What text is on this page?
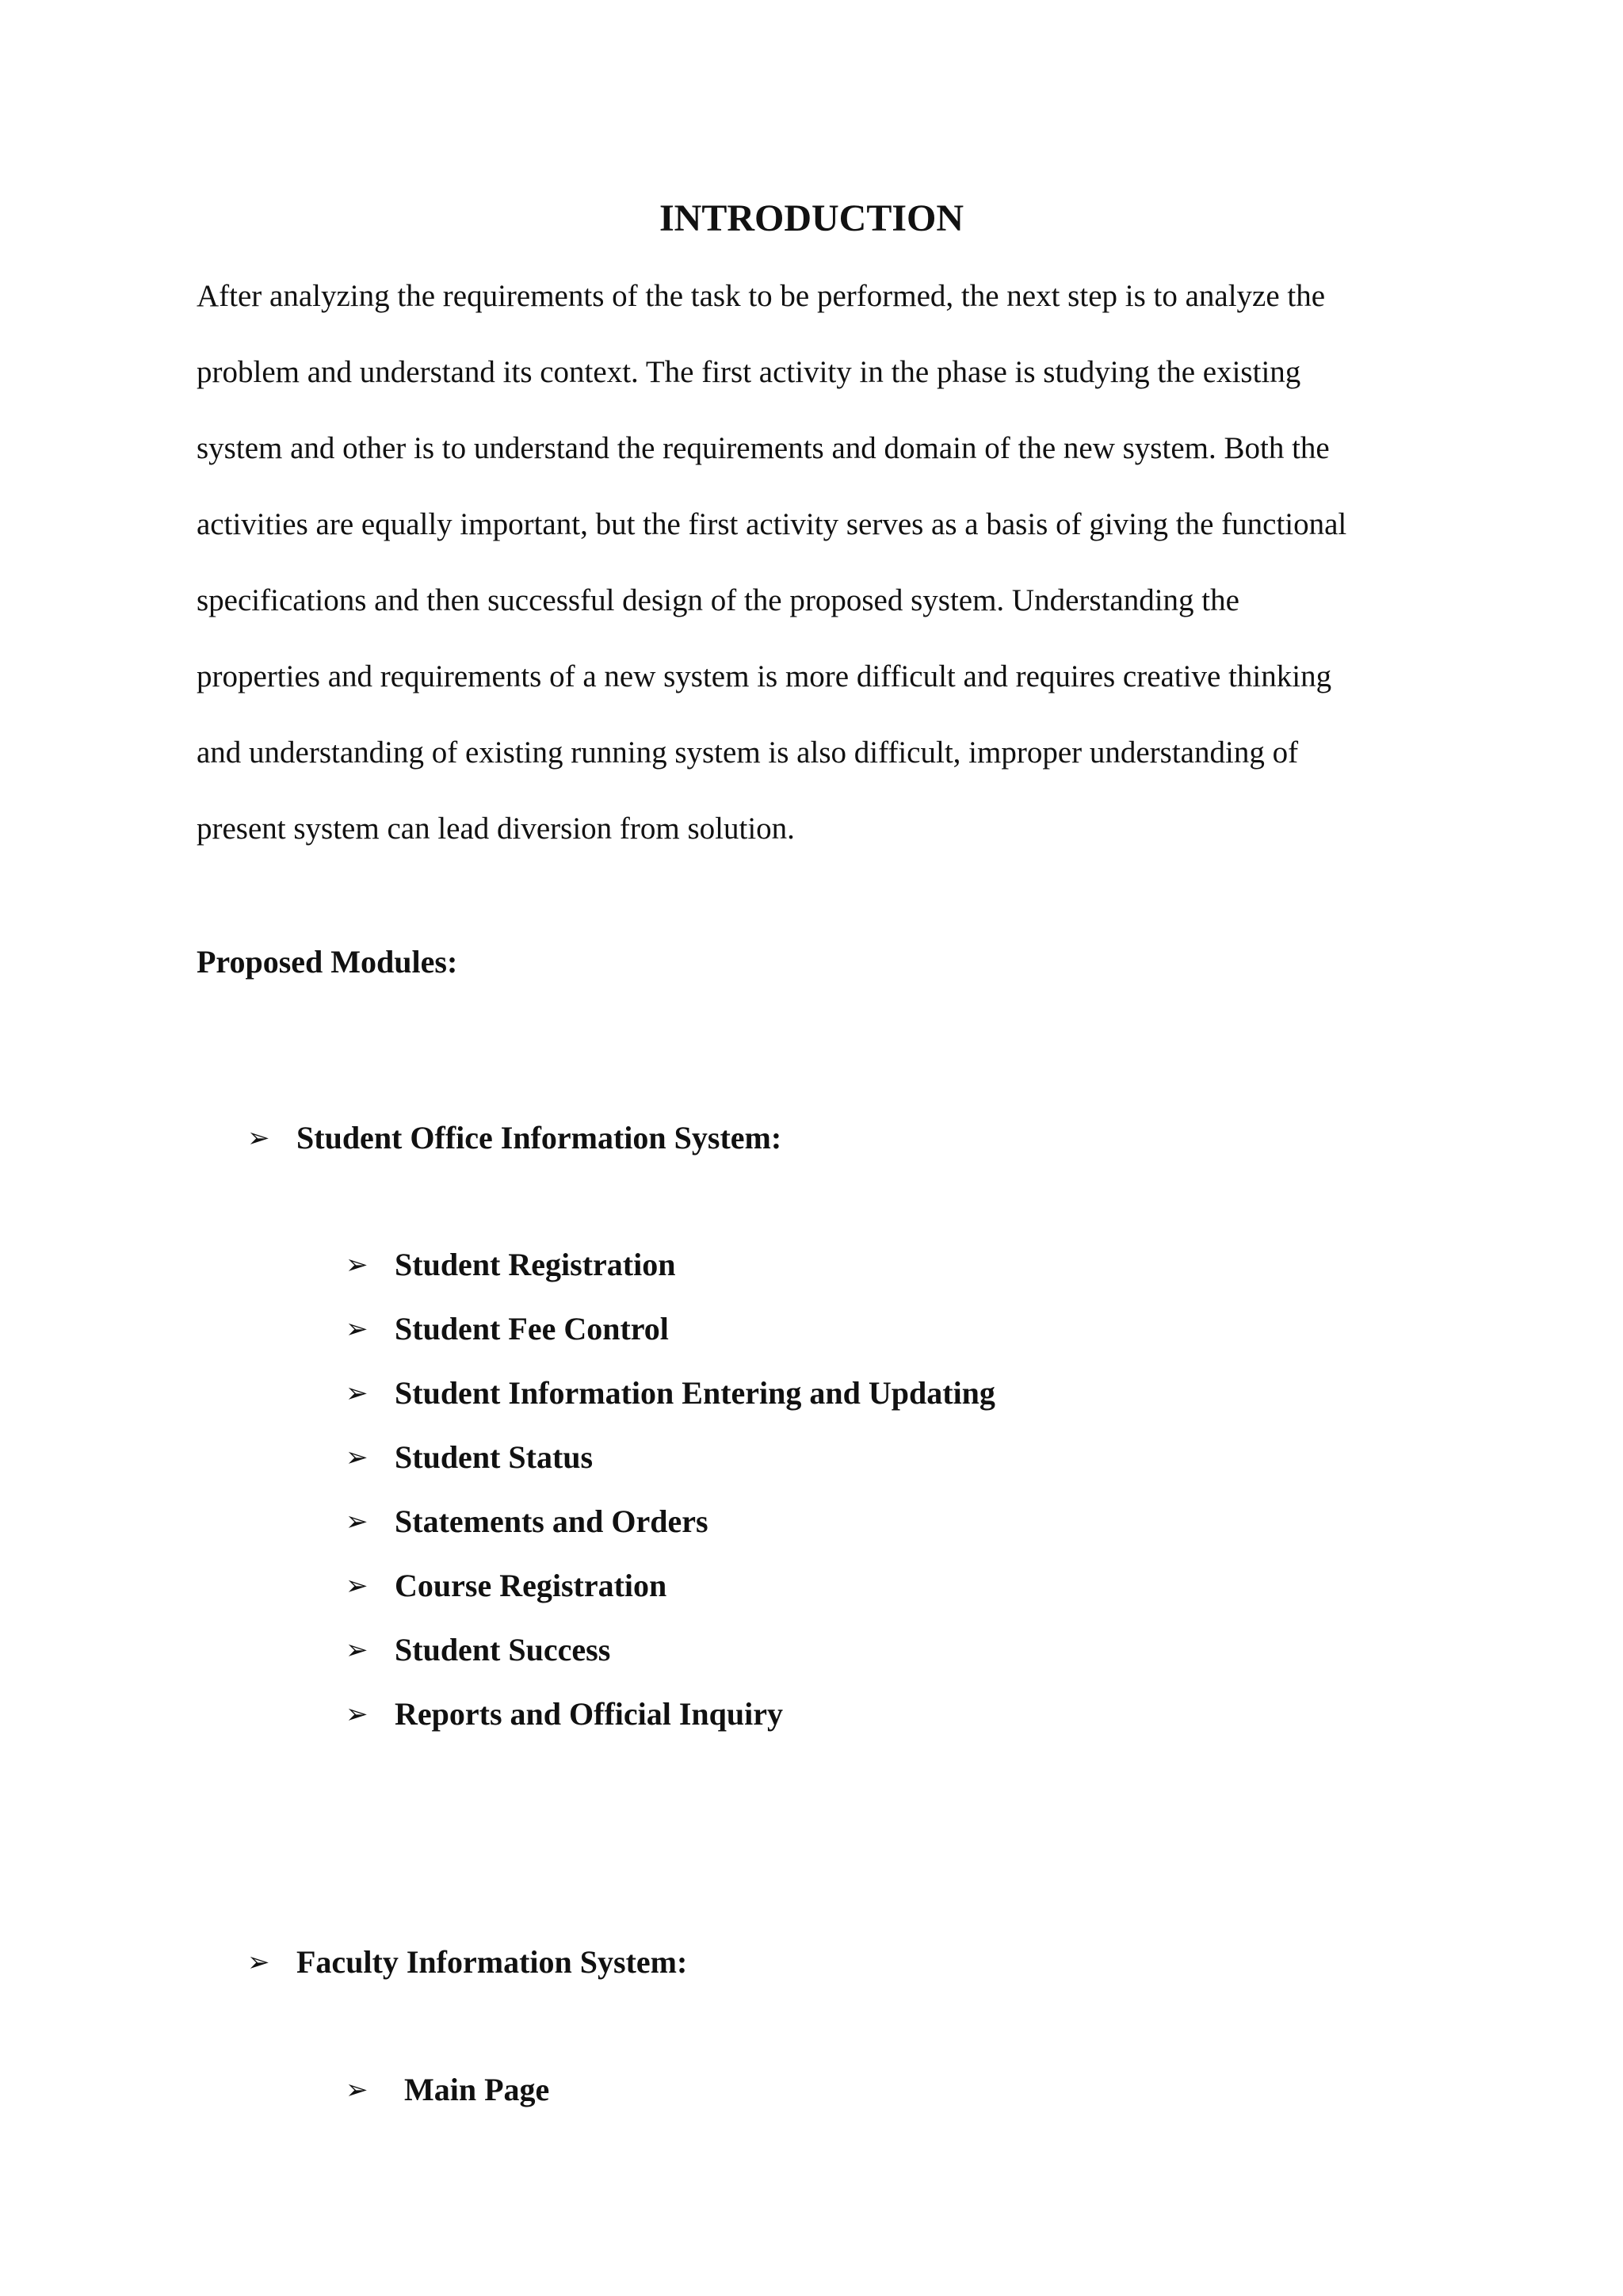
INTRODUCTION

After analyzing the requirements of the task to be performed, the next step is to analyze the
problem and understand its context. The first activity in the phase is studying the existing
system and other is to understand the requirements and domain of the new system. Both the
activities are equally important, but the first activity serves as a basis of giving the functional
specifications and then successful design of the proposed system. Understanding the
properties and requirements of a new system is more difficult and requires creative thinking
and understanding of existing running system is also difficult, improper understanding of
present system can lead diversion from solution.

Proposed Modules:
➢ Student Office Information System:
➢ Student Registration
➢ Student Fee Control
➢ Student Information Entering and Updating
➢ Student Status
➢ Statements and Orders
➢ Course Registration
➢ Student Success
➢ Reports and Official Inquiry
➢ Faculty Information System:
➢ Main Page
